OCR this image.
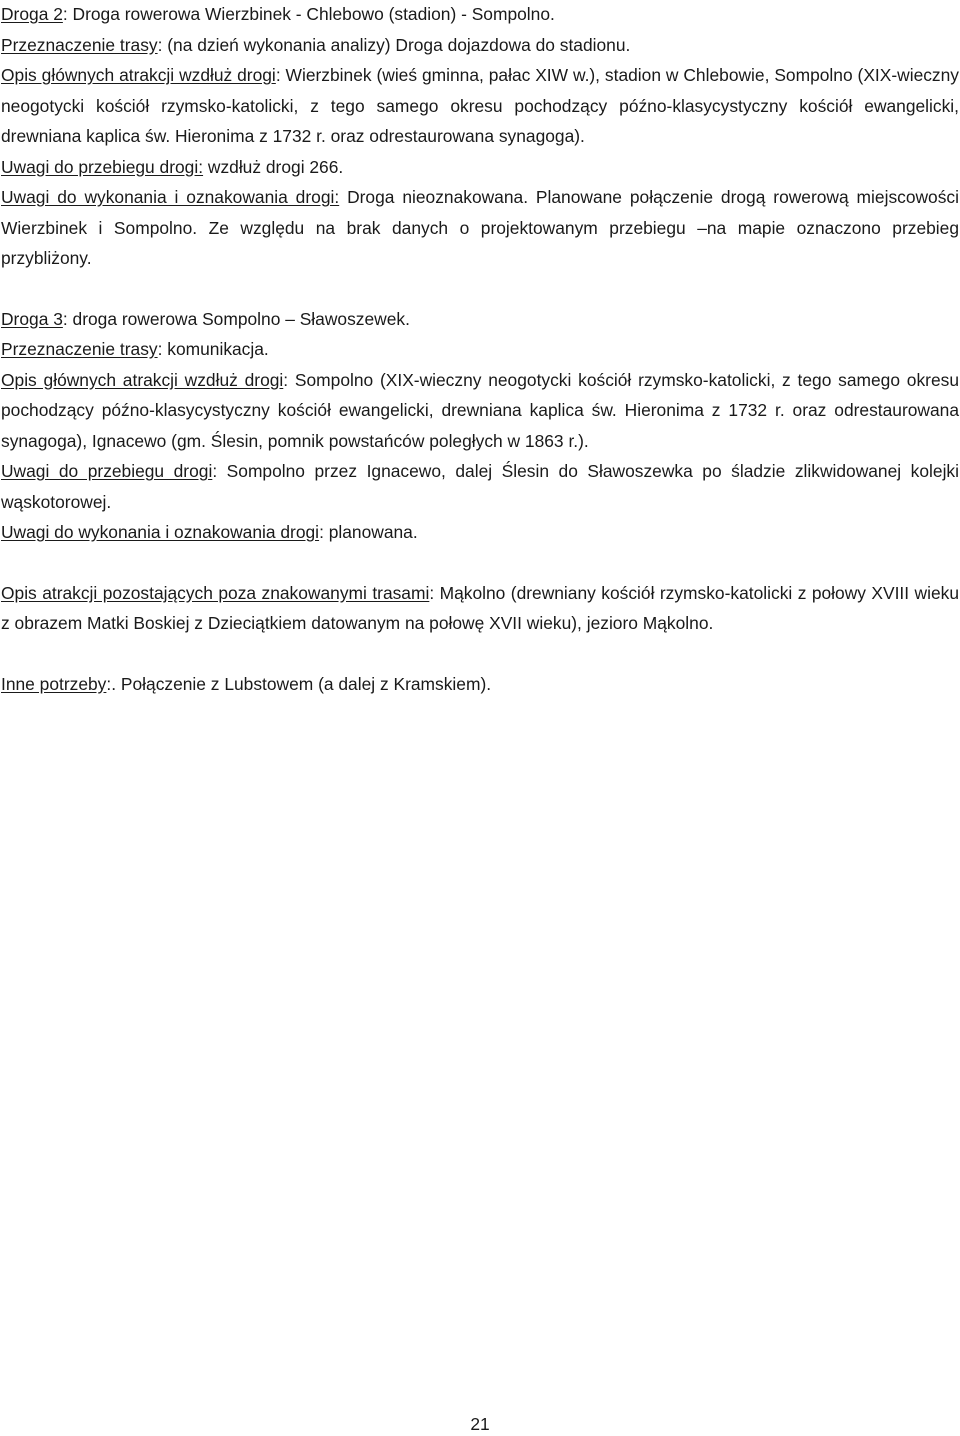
Droga 2: Droga rowerowa Wierzbinek - Chlebowo (stadion) - Sompolno.

Przeznaczenie trasy: (na dzień wykonania analizy) Droga dojazdowa do stadionu.

Opis głównych atrakcji wzdłuż drogi: Wierzbinek (wieś gminna, pałac XIW w.), stadion w Chlebowie, Sompolno (XIX-wieczny neogotycki kościół rzymsko-katolicki, z tego samego okresu pochodzący późno-klasycystyczny kościół ewangelicki, drewniana kaplica św. Hieronima z 1732 r. oraz odrestaurowana synagoga).

Uwagi do przebiegu drogi: wzdłuż drogi 266.

Uwagi do wykonania i oznakowania drogi: Droga nieoznakowana. Planowane połączenie drogą rowerową miejscowości Wierzbinek i Sompolno. Ze względu na brak danych o projektowanym przebiegu –na mapie oznaczono przebieg przybliżony.

Droga 3: droga rowerowa Sompolno – Sławoszewek.

Przeznaczenie trasy: komunikacja.

Opis głównych atrakcji wzdłuż drogi: Sompolno (XIX-wieczny neogotycki kościół rzymsko-katolicki, z tego samego okresu pochodzący późno-klasycystyczny kościół ewangelicki, drewniana kaplica św. Hieronima z 1732 r. oraz odrestaurowana synagoga), Ignacewo (gm. Ślesin, pomnik powstańców poległych w 1863 r.).

Uwagi do przebiegu drogi: Sompolno przez Ignacewo, dalej Ślesin do Sławoszewka po śladzie zlikwidowanej kolejki wąskotorowej.

Uwagi do wykonania i oznakowania drogi: planowana.

Opis atrakcji pozostających poza znakowanymi trasami: Mąkolno (drewniany kościół rzymsko-katolicki z połowy XVIII wieku z obrazem Matki Boskiej z Dzieciątkiem datowanym na połowę XVII wieku), jezioro Mąkolno.

Inne potrzeby:. Połączenie z Lubstowem (a dalej z Kramskiem).

21
